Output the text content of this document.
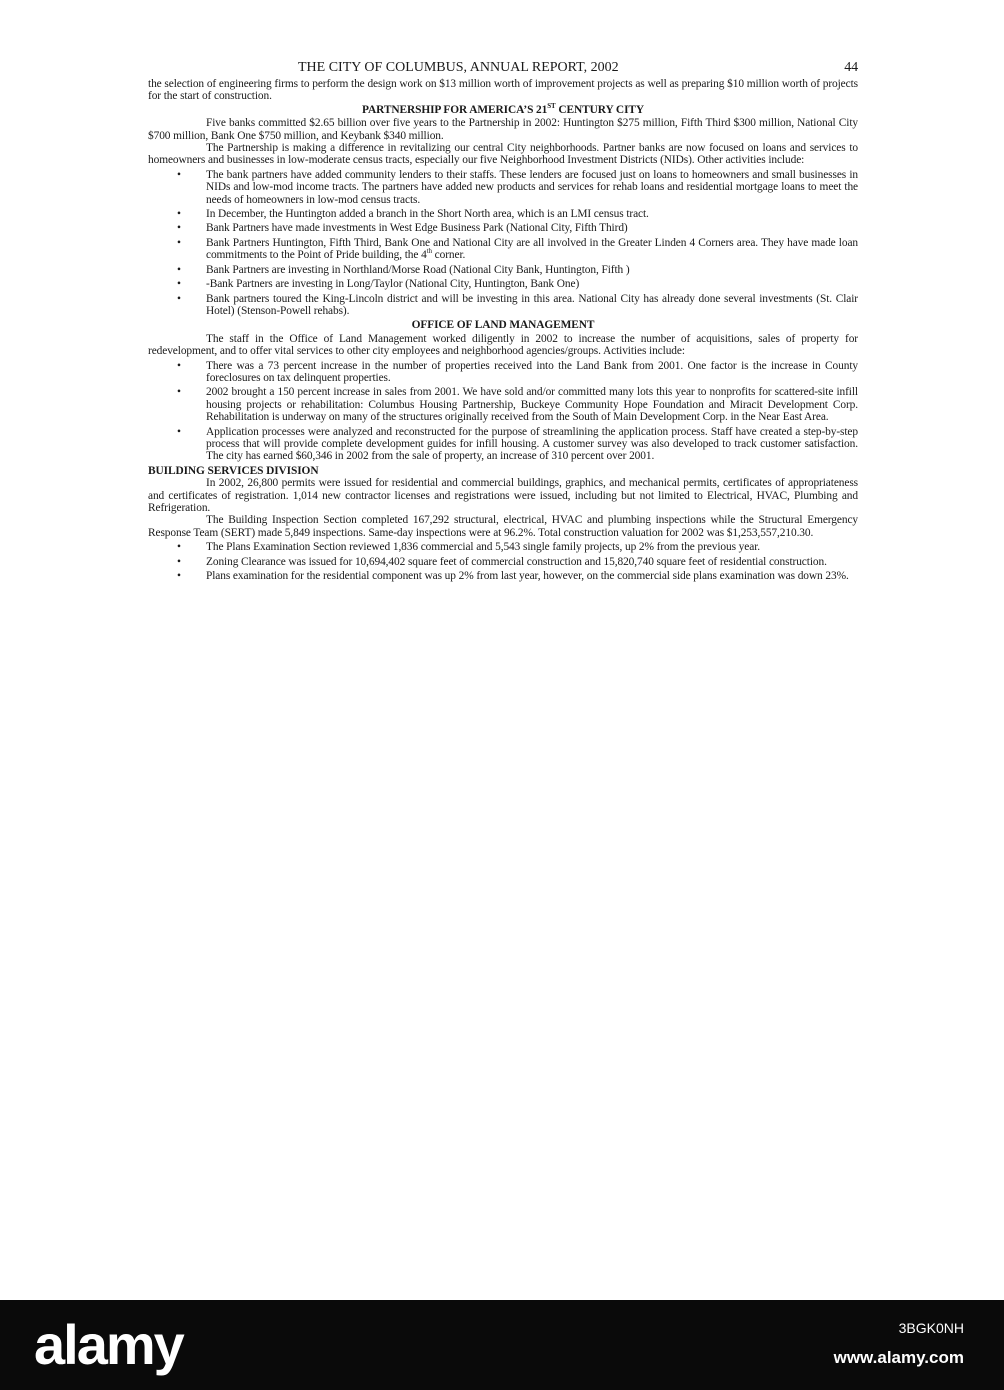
THE CITY OF COLUMBUS, ANNUAL REPORT, 2002	44

the selection of engineering firms to perform the design work on $13 million worth of improvement projects as well as preparing $10 million worth of projects for the start of construction.

PARTNERSHIP FOR AMERICA’S 21ST CENTURY CITY

Five banks committed $2.65 billion over five years to the Partnership in 2002: Huntington $275 million, Fifth Third $300 million, National City $700 million, Bank One $750 million, and Keybank $340 million.

The Partnership is making a difference in revitalizing our central City neighborhoods. Partner banks are now focused on loans and services to homeowners and businesses in low-moderate census tracts, especially our five Neighborhood Investment Districts (NIDs). Other activities include:

• The bank partners have added community lenders to their staffs. These lenders are focused just on loans to homeowners and small businesses in NIDs and low-mod income tracts. The partners have added new products and services for rehab loans and residential mortgage loans to meet the needs of homeowners in low-mod census tracts.
• In December, the Huntington added a branch in the Short North area, which is an LMI census tract.
• Bank Partners have made investments in West Edge Business Park (National City, Fifth Third)
• Bank Partners Huntington, Fifth Third, Bank One and National City are all involved in the Greater Linden 4 Corners area. They have made loan commitments to the Point of Pride building, the 4th corner.
• Bank Partners are investing in Northland/Morse Road (National City Bank, Huntington, Fifth )
• -Bank Partners are investing in Long/Taylor (National City, Huntington, Bank One)
• Bank partners toured the King-Lincoln district and will be investing in this area. National City has already done several investments (St. Clair Hotel) (Stenson-Powell rehabs).
OFFICE OF LAND MANAGEMENT

The staff in the Office of Land Management worked diligently in 2002 to increase the number of acquisitions, sales of property for redevelopment, and to offer vital services to other city employees and neighborhood agencies/groups. Activities include:

• There was a 73 percent increase in the number of properties received into the Land Bank from 2001. One factor is the increase in County foreclosures on tax delinquent properties.
• 2002 brought a 150 percent increase in sales from 2001. We have sold and/or committed many lots this year to nonprofits for scattered-site infill housing projects or rehabilitation: Columbus Housing Partnership, Buckeye Community Hope Foundation and Miracit Development Corp. Rehabilitation is underway on many of the structures originally received from the South of Main Development Corp. in the Near East Area.
• Application processes were analyzed and reconstructed for the purpose of streamlining the application process. Staff have created a step-by-step process that will provide complete development guides for infill housing. A customer survey was also developed to track customer satisfaction. The city has earned $60,346 in 2002 from the sale of property, an increase of 310 percent over 2001.
BUILDING SERVICES DIVISION

In 2002, 26,800 permits were issued for residential and commercial buildings, graphics, and mechanical permits, certificates of appropriateness and certificates of registration. 1,014 new contractor licenses and registrations were issued, including but not limited to Electrical, HVAC, Plumbing and Refrigeration.

The Building Inspection Section completed 167,292 structural, electrical, HVAC and plumbing inspections while the Structural Emergency Response Team (SERT) made 5,849 inspections. Same-day inspections were at 96.2%. Total construction valuation for 2002 was $1,253,557,210.30.

• The Plans Examination Section reviewed 1,836 commercial and 5,543 single family projects, up 2% from the previous year.
• Zoning Clearance was issued for 10,694,402 square feet of commercial construction and 15,820,740 square feet of residential construction.
• Plans examination for the residential component was up 2% from last year, however, on the commercial side plans examination was down 23%.
alamy	3BGK0NH
www.alamy.com
